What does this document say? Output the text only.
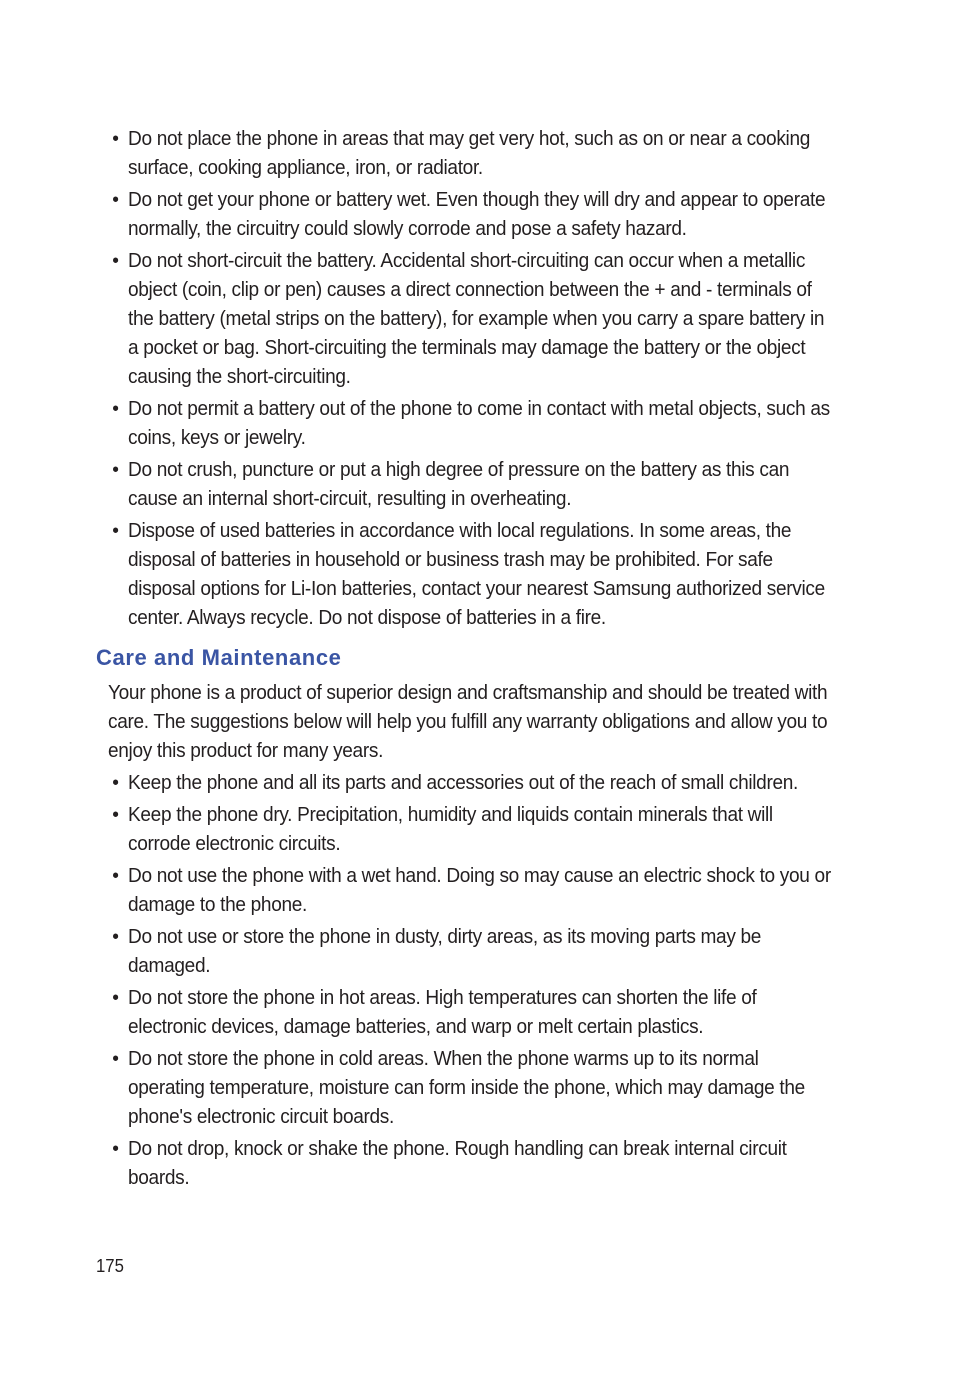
• Do not place the phone in areas that may get very hot, such as on or near a cooking surface, cooking appliance, iron, or radiator.
• Do not get your phone or battery wet. Even though they will dry and appear to operate normally, the circuitry could slowly corrode and pose a safety hazard.
• Do not short-circuit the battery. Accidental short-circuiting can occur when a metallic object (coin, clip or pen) causes a direct connection between the + and - terminals of the battery (metal strips on the battery), for example when you carry a spare battery in a pocket or bag. Short-circuiting the terminals may damage the battery or the object causing the short-circuiting.
• Do not permit a battery out of the phone to come in contact with metal objects, such as coins, keys or jewelry.
• Do not crush, puncture or put a high degree of pressure on the battery as this can cause an internal short-circuit, resulting in overheating.
• Dispose of used batteries in accordance with local regulations. In some areas, the disposal of batteries in household or business trash may be prohibited. For safe disposal options for Li-Ion batteries, contact your nearest Samsung authorized service center. Always recycle. Do not dispose of batteries in a fire.
Care and Maintenance
Your phone is a product of superior design and craftsmanship and should be treated with care. The suggestions below will help you fulfill any warranty obligations and allow you to enjoy this product for many years.
• Keep the phone and all its parts and accessories out of the reach of small children.
• Keep the phone dry. Precipitation, humidity and liquids contain minerals that will corrode electronic circuits.
• Do not use the phone with a wet hand. Doing so may cause an electric shock to you or damage to the phone.
• Do not use or store the phone in dusty, dirty areas, as its moving parts may be damaged.
• Do not store the phone in hot areas. High temperatures can shorten the life of electronic devices, damage batteries, and warp or melt certain plastics.
• Do not store the phone in cold areas. When the phone warms up to its normal operating temperature, moisture can form inside the phone, which may damage the phone's electronic circuit boards.
• Do not drop, knock or shake the phone. Rough handling can break internal circuit boards.
175
